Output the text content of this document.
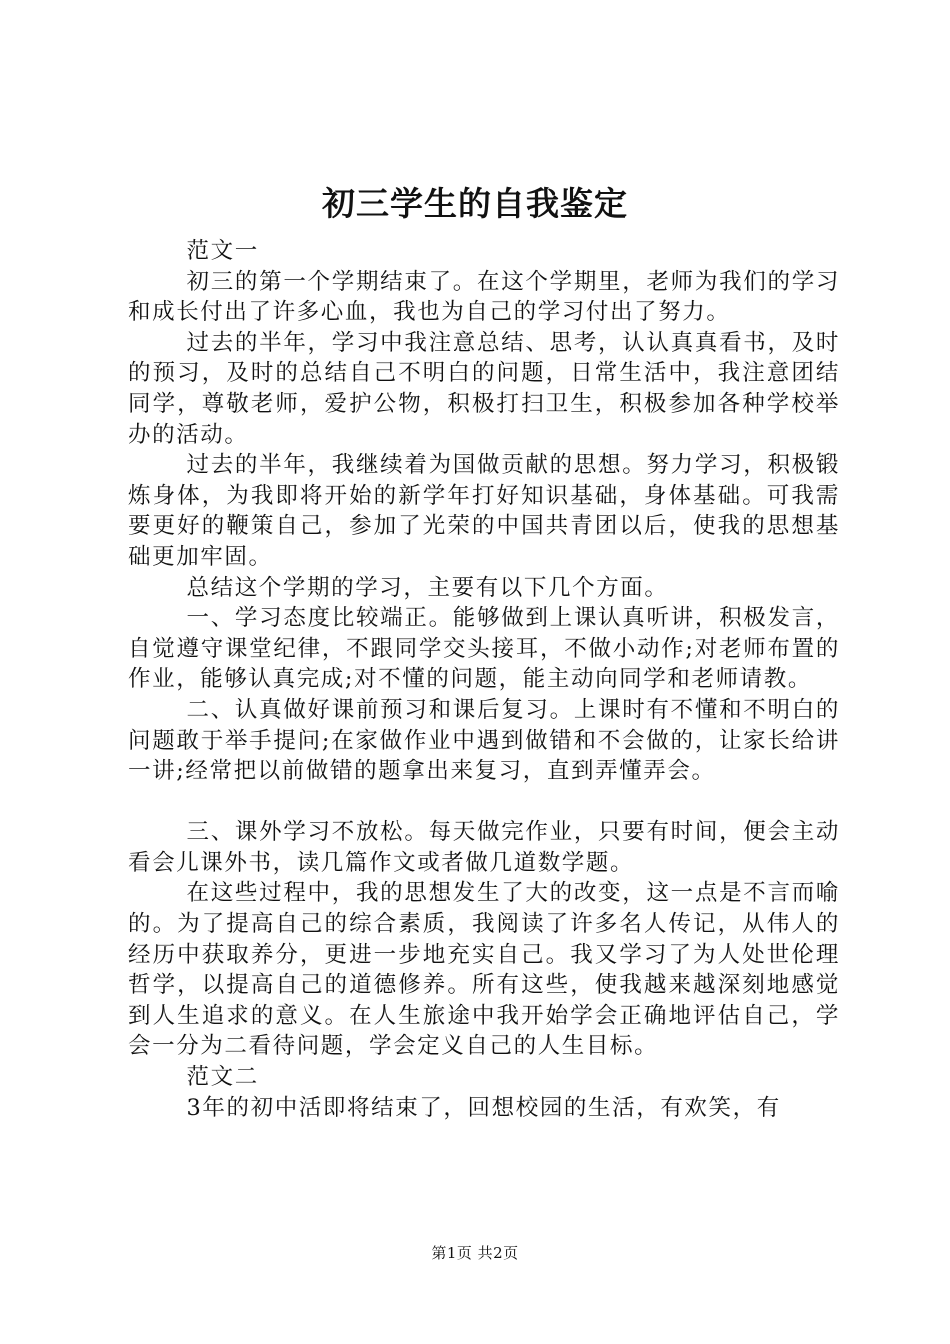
初三学生的自我鉴定

范文一

初三的第一个学期结束了。在这个学期里，老师为我们的学习和成长付出了许多心血，我也为自己的学习付出了努力。

过去的半年，学习中我注意总结、思考，认认真真看书，及时的预习，及时的总结自己不明白的问题，日常生活中，我注意团结同学，尊敬老师，爱护公物，积极打扫卫生，积极参加各种学校举办的活动。

过去的半年，我继续着为国做贡献的思想。努力学习，积极锻炼身体，为我即将开始的新学年打好知识基础，身体基础。可我需要更好的鞭策自己，参加了光荣的中国共青团以后，使我的思想基础更加牢固。

总结这个学期的学习，主要有以下几个方面。

一、学习态度比较端正。能够做到上课认真听讲，积极发言，自觉遵守课堂纪律，不跟同学交头接耳，不做小动作;对老师布置的作业，能够认真完成;对不懂的问题，能主动向同学和老师请教。

二、认真做好课前预习和课后复习。上课时有不懂和不明白的问题敢于举手提问;在家做作业中遇到做错和不会做的，让家长给讲一讲;经常把以前做错的题拿出来复习，直到弄懂弄会。

三、课外学习不放松。每天做完作业，只要有时间，便会主动看会儿课外书，读几篇作文或者做几道数学题。

在这些过程中，我的思想发生了大的改变，这一点是不言而喻的。为了提高自己的综合素质，我阅读了许多名人传记，从伟人的经历中获取养分，更进一步地充实自己。我又学习了为人处世伦理哲学，以提高自己的道德修养。所有这些，使我越来越深刻地感觉到人生追求的意义。在人生旅途中我开始学会正确地评估自己，学会一分为二看待问题，学会定义自己的人生目标。

范文二

3年的初中活即将结束了，回想校园的生活，有欢笑，有

第1页 共2页
